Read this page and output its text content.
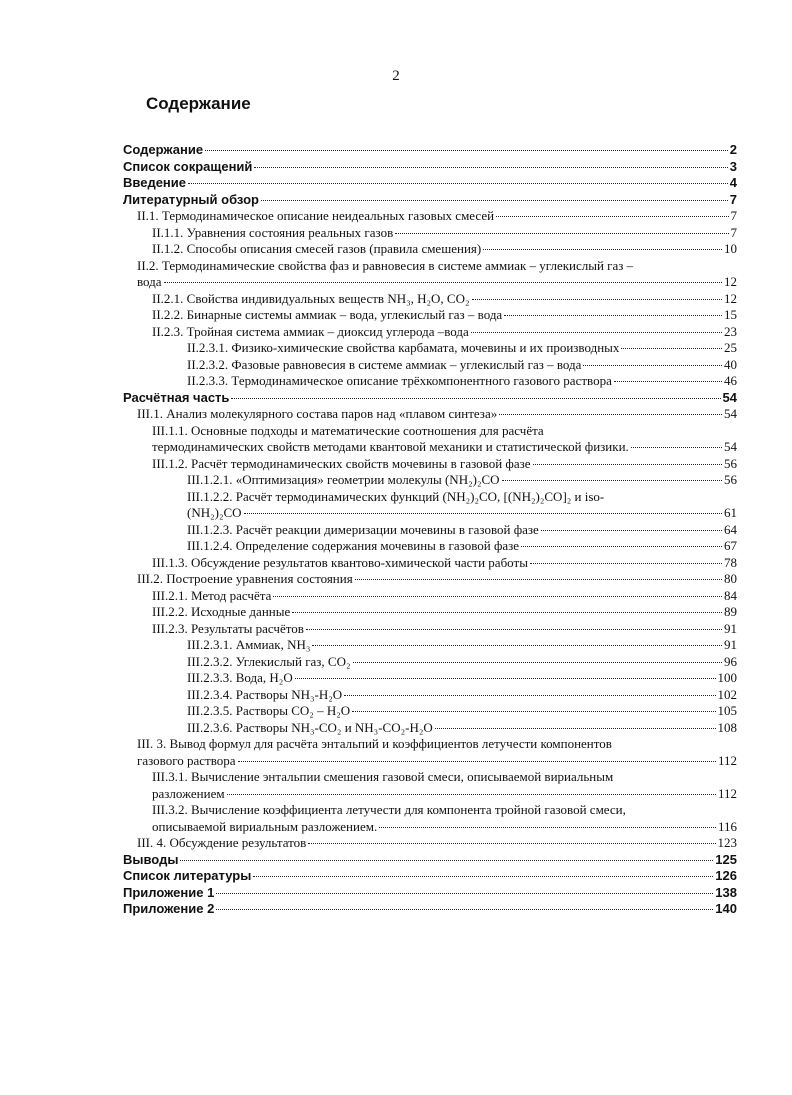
2
Содержание
Содержание	2
Список сокращений	3
Введение	4
Литературный обзор	7
II.1. Термодинамическое описание неидеальных газовых смесей	7
II.1.1. Уравнения состояния реальных газов	7
II.1.2. Способы описания смесей газов (правила смешения)	10
II.2. Термодинамические свойства фаз и равновесия в системе аммиак – углекислый газ –
вода	12
II.2.1. Свойства индивидуальных веществ NH₃, H₂O, CO₂	12
II.2.2. Бинарные системы аммиак – вода, углекислый газ – вода	15
II.2.3. Тройная система аммиак – диоксид углерода –вода	23
II.2.3.1. Физико-химические свойства карбамата, мочевины и их производных	25
II.2.3.2. Фазовые равновесия в системе аммиак – углекислый газ – вода	40
II.2.3.3. Термодинамическое описание трёхкомпонентного газового раствора	46
Расчётная часть	54
III.1. Анализ молекулярного состава паров над «плавом синтеза»	54
III.1.1. Основные подходы и математические соотношения для расчёта
термодинамических свойств методами квантовой механики и статистической физики.	54
III.1.2. Расчёт термодинамических свойств мочевины в газовой фазе	56
III.1.2.1. «Оптимизация» геометрии молекулы (NH₂)₂CO	56
III.1.2.2. Расчёт термодинамических функций (NH₂)₂CO, [(NH₂)₂CO]₂ и iso-
(NH₂)₂CO	61
III.1.2.3. Расчёт реакции димеризации мочевины в газовой фазе	64
III.1.2.4. Определение содержания мочевины в газовой фазе	67
III.1.3. Обсуждение результатов квантово-химической части работы	78
III.2. Построение уравнения состояния	80
III.2.1. Метод расчёта	84
III.2.2. Исходные данные	89
III.2.3. Результаты расчётов	91
III.2.3.1. Аммиак, NH₃	91
III.2.3.2. Углекислый газ, CO₂	96
III.2.3.3. Вода, H₂O	100
III.2.3.4. Растворы NH₃-H₂O	102
III.2.3.5. Растворы CO₂ – H₂O	105
III.2.3.6. Растворы NH₃-CO₂ и NH₃-CO₂-H₂O	108
III. 3. Вывод формул для расчёта энтальпий и коэффициентов летучести компонентов
газового раствора	112
III.3.1. Вычисление энтальпии смешения газовой смеси, описываемой вириальным
разложением	112
III.3.2. Вычисление коэффициента летучести для компонента тройной газовой смеси,
описываемой вириальным разложением.	116
III. 4. Обсуждение результатов	123
Выводы	125
Список литературы	126
Приложение 1	138
Приложение 2	140
